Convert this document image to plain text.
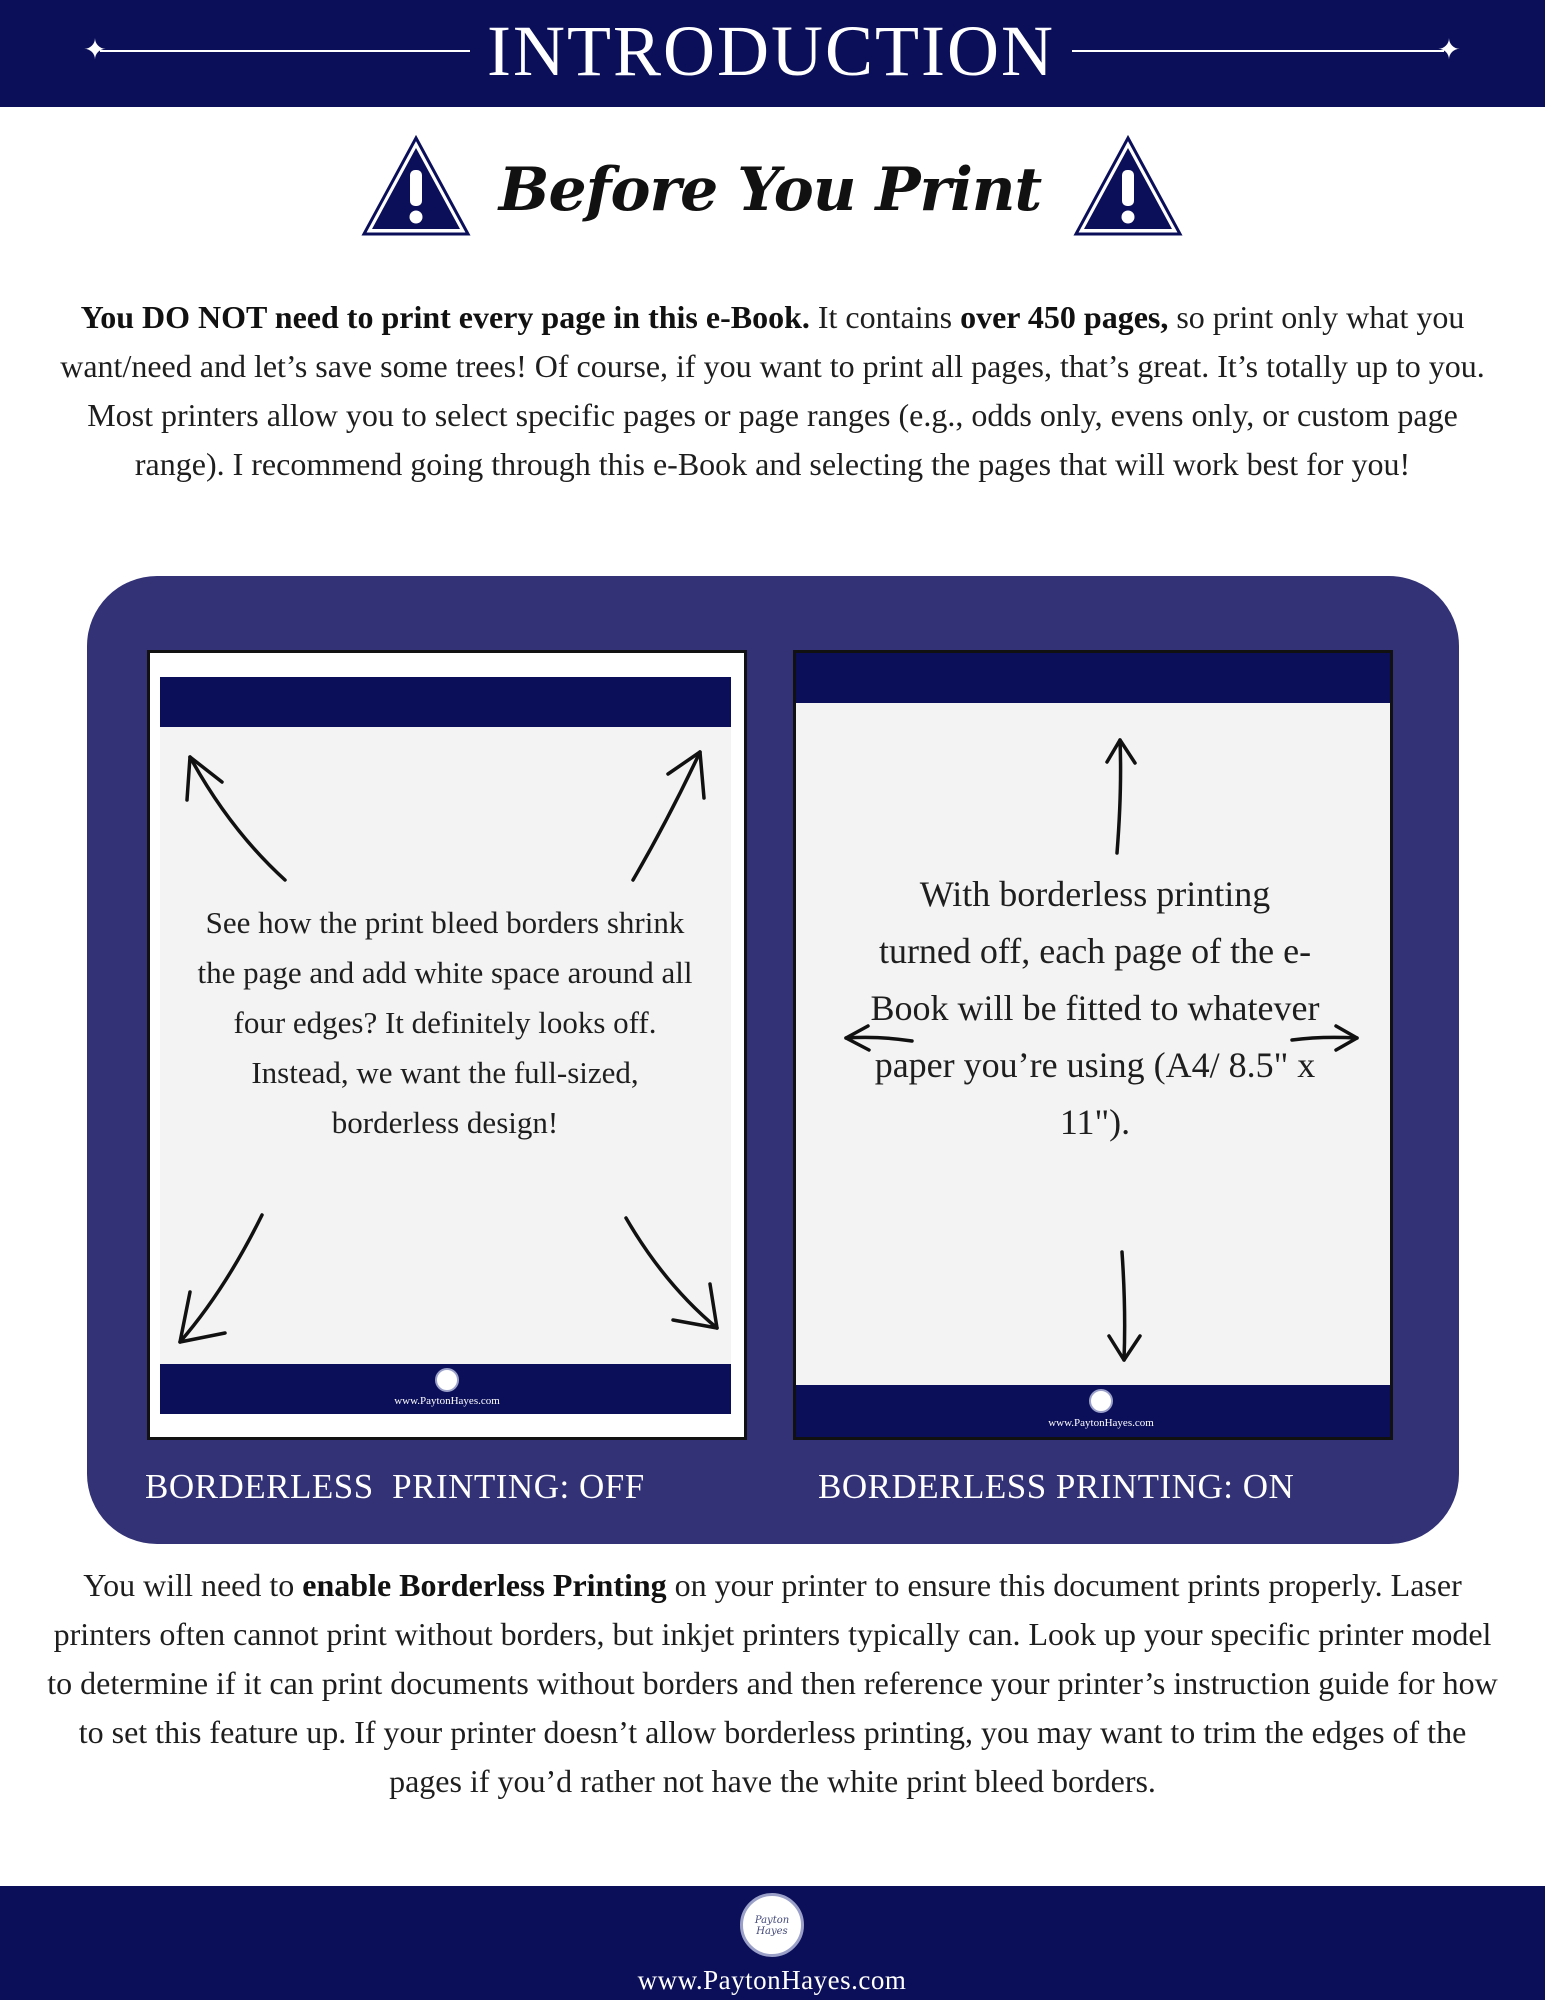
✦	✦
INTRODUCTION
Before You Print

You DO NOT need to print every page in this e-Book. It contains over 450 pages, so print only what you want/need and let’s save some trees! Of course, if you want to print all pages, that’s great. It’s totally up to you. Most printers allow you to select specific pages or page ranges (e.g., odds only, evens only, or custom page range). I recommend going through this e-Book and selecting the pages that will work best for you!

www.PaytonHayes.com
www.PaytonHayes.com
See how the print bleed borders shrink the page and add white space around all four edges? It definitely looks off. Instead, we want the full-sized, borderless design!
With borderless printing turned off, each page of the e-Book will be fitted to whatever paper you’re using (A4/ 8.5" x 11").
BORDERLESS  PRINTING: OFF	BORDERLESS PRINTING: ON

You will need to enable Borderless Printing on your printer to ensure this document prints properly. Laser printers often cannot print without borders, but inkjet printers typically can. Look up your specific printer model to determine if it can print documents without borders and then reference your printer’s instruction guide for how to set this feature up. If your printer doesn’t allow borderless printing, you may want to trim the edges of the pages if you’d rather not have the white print bleed borders.

Payton Hayes
www.PaytonHayes.com
